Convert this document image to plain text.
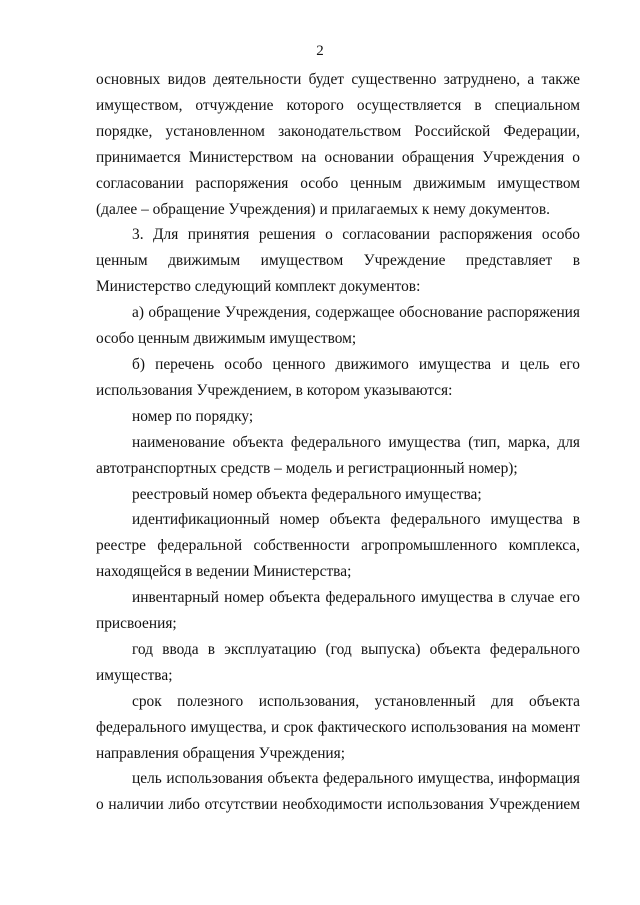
2

основных видов деятельности будет существенно затруднено, а также имуществом, отчуждение которого осуществляется в специальном порядке, установленном законодательством Российской Федерации, принимается Министерством на основании обращения Учреждения о согласовании распоряжения особо ценным движимым имуществом (далее – обращение Учреждения) и прилагаемых к нему документов.

3. Для принятия решения о согласовании распоряжения особо ценным движимым имуществом Учреждение представляет в Министерство следующий комплект документов:

а) обращение Учреждения, содержащее обоснование распоряжения особо ценным движимым имуществом;

б) перечень особо ценного движимого имущества и цель его использования Учреждением, в котором указываются:

номер по порядку;

наименование объекта федерального имущества (тип, марка, для автотранспортных средств – модель и регистрационный номер);

реестровый номер объекта федерального имущества;

идентификационный номер объекта федерального имущества в реестре федеральной собственности агропромышленного комплекса, находящейся в ведении Министерства;

инвентарный номер объекта федерального имущества в случае его присвоения;

год ввода в эксплуатацию (год выпуска) объекта федерального имущества;

срок полезного использования, установленный для объекта федерального имущества, и срок фактического использования на момент направления обращения Учреждения;

цель использования объекта федерального имущества, информация о наличии либо отсутствии необходимости использования Учреждением
